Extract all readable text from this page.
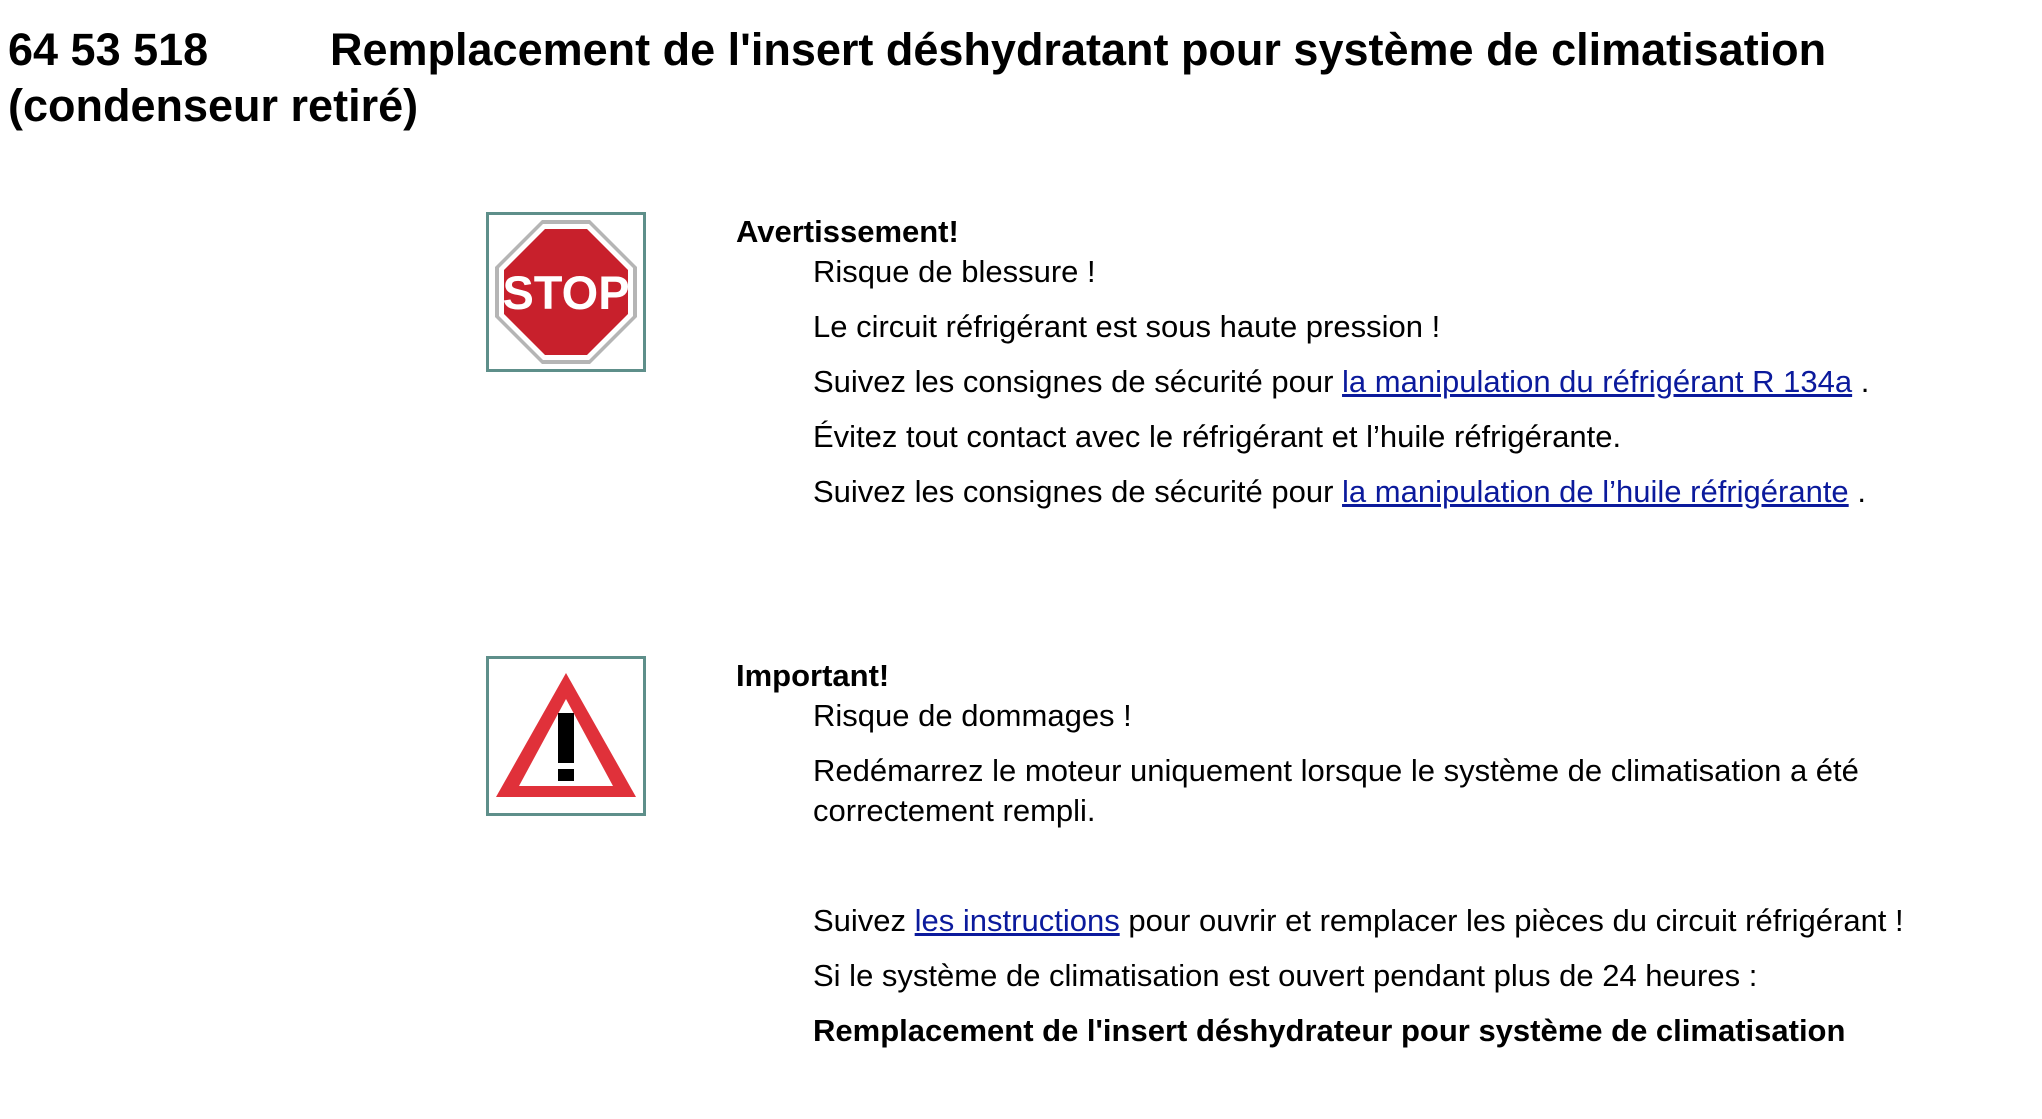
64 53 518	Remplacement de l'insert déshydratant pour système de climatisation (condenseur retiré)
STOP
Avertissement!
Risque de blessure !
Le circuit réfrigérant est sous haute pression !
Suivez les consignes de sécurité pour la manipulation du réfrigérant R 134a .
Évitez tout contact avec le réfrigérant et l’huile réfrigérante.
Suivez les consignes de sécurité pour la manipulation de l’huile réfrigérante .
Important!
Risque de dommages !
Redémarrez le moteur uniquement lorsque le système de climatisation a été correctement rempli.
Suivez les instructions pour ouvrir et remplacer les pièces du circuit réfrigérant !
Si le système de climatisation est ouvert pendant plus de 24 heures :
Remplacement de l'insert déshydrateur pour système de climatisation
